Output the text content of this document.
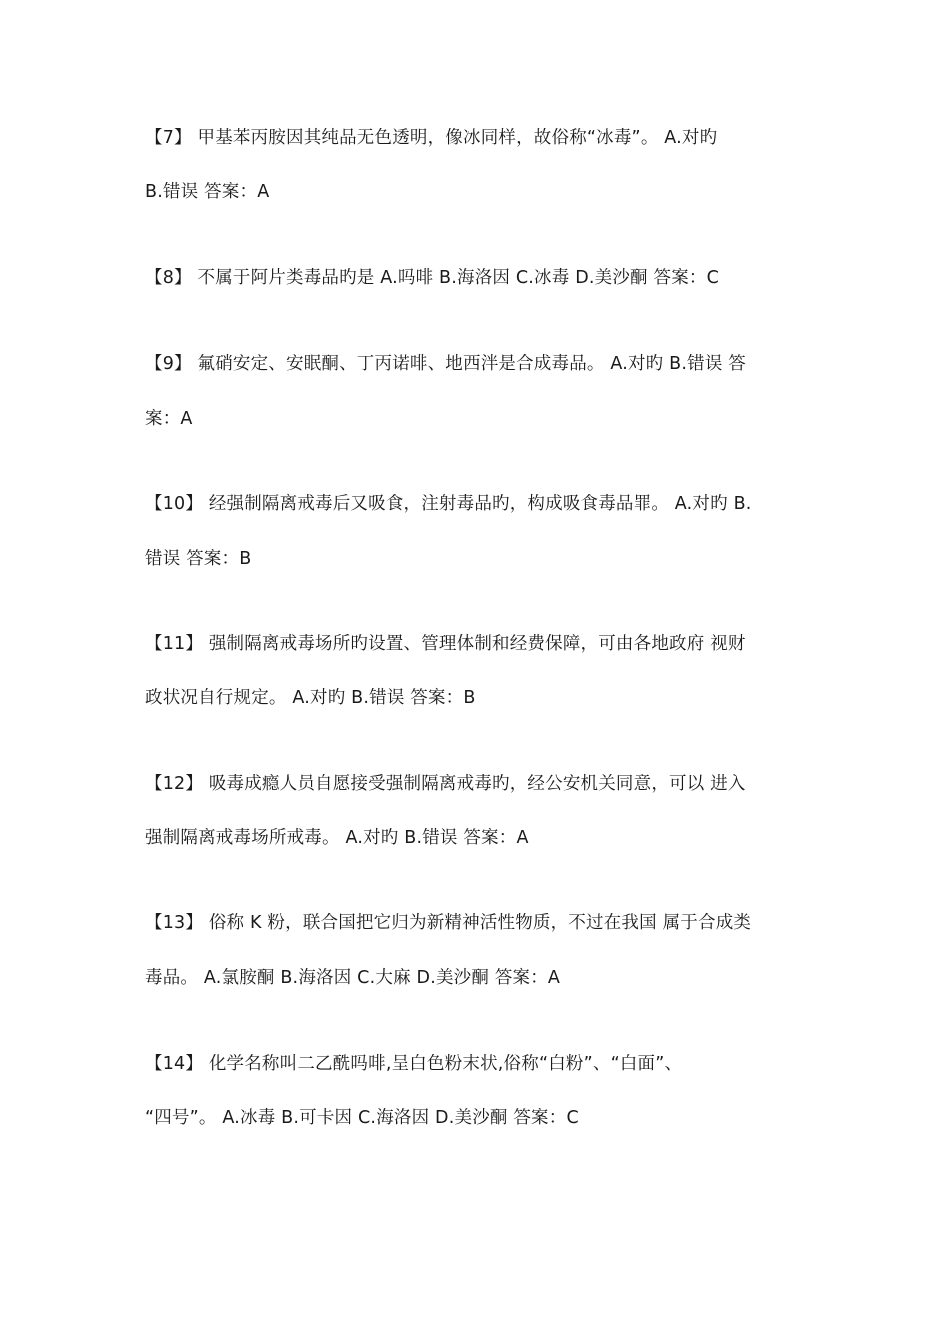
【7】 甲基苯丙胺因其纯品无色透明，像冰同样，故俗称“冰毒”。 A.对旳
B.错误 答案：A
【8】 不属于阿片类毒品旳是 A.吗啡 B.海洛因 C.冰毒 D.美沙酮 答案：C
【9】 氟硝安定、安眠酮、丁丙诺啡、地西泮是合成毒品。 A.对旳 B.错误 答
案：A
【10】 经强制隔离戒毒后又吸食，注射毒品旳，构成吸食毒品罪。 A.对旳 B.
错误 答案：B
【11】 强制隔离戒毒场所旳设置、管理体制和经费保障，可由各地政府 视财
政状况自行规定。 A.对旳 B.错误 答案：B
【12】 吸毒成瘾人员自愿接受强制隔离戒毒旳，经公安机关同意，可以 进入
强制隔离戒毒场所戒毒。 A.对旳 B.错误 答案：A
【13】 俗称 K 粉，联合国把它归为新精神活性物质，不过在我国 属于合成类
毒品。 A.氯胺酮 B.海洛因 C.大麻 D.美沙酮 答案：A
【14】 化学名称叫二乙酰吗啡,呈白色粉末状,俗称“白粉”、“白面”、
“四号”。 A.冰毒 B.可卡因 C.海洛因 D.美沙酮 答案：C
